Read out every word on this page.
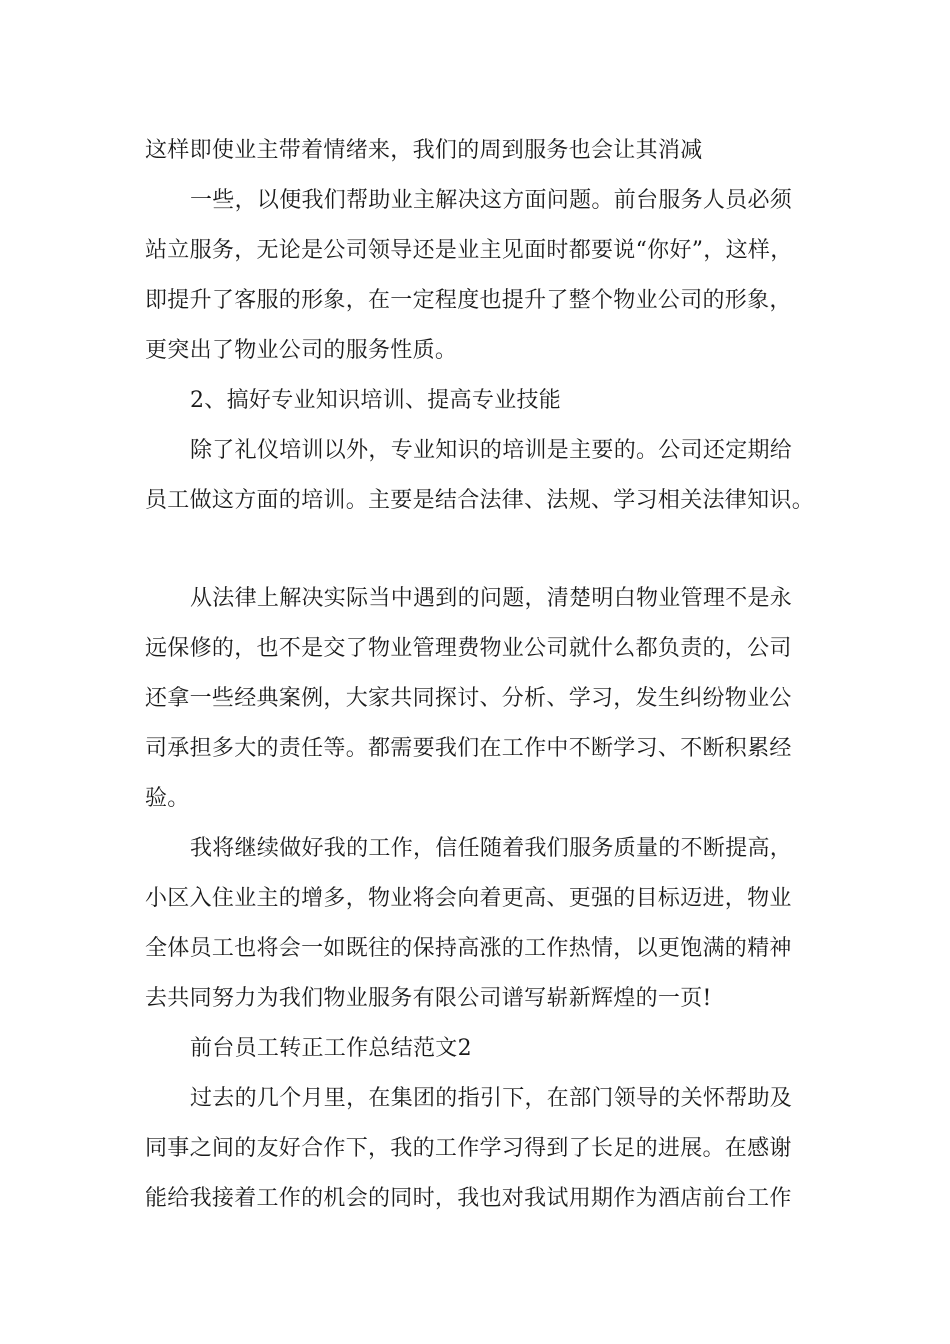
这样即使业主带着情绪来，我们的周到服务也会让其消减
一些，以便我们帮助业主解决这方面问题。前台服务人员必须
站立服务，无论是公司领导还是业主见面时都要说“你好”，这样，
即提升了客服的形象，在一定程度也提升了整个物业公司的形象，
更突出了物业公司的服务性质。
2、搞好专业知识培训、提高专业技能
除了礼仪培训以外，专业知识的培训是主要的。公司还定期给
员工做这方面的培训。主要是结合法律、法规、学习相关法律知识。
从法律上解决实际当中遇到的问题，清楚明白物业管理不是永
远保修的，也不是交了物业管理费物业公司就什么都负责的，公司
还拿一些经典案例，大家共同探讨、分析、学习，发生纠纷物业公
司承担多大的责任等。都需要我们在工作中不断学习、不断积累经
验。
我将继续做好我的工作，信任随着我们服务质量的不断提高，
小区入住业主的增多，物业将会向着更高、更强的目标迈进，物业
全体员工也将会一如既往的保持高涨的工作热情，以更饱满的精神
去共同努力为我们物业服务有限公司谱写崭新辉煌的一页!
前台员工转正工作总结范文2
过去的几个月里，在集团的指引下，在部门领导的关怀帮助及
同事之间的友好合作下，我的工作学习得到了长足的进展。在感谢
能给我接着工作的机会的同时，我也对我试用期作为酒店前台工作
